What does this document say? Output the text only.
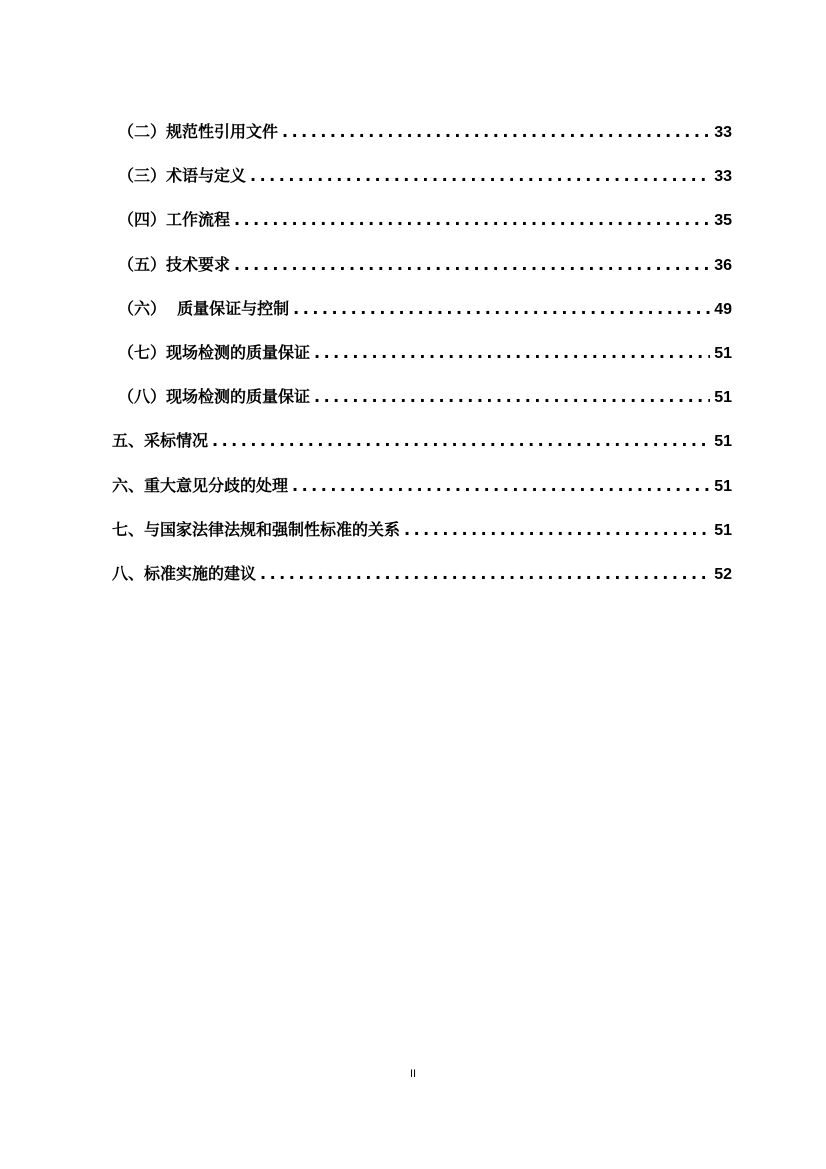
（二）规范性引用文件 .....	33
（三）术语与定义 .....	33
（四）工作流程 .....	35
（五）技术要求 .....	36
（六）  质量保证与控制 .....	49
（七）现场检测的质量保证 .....	51
（八）现场检测的质量保证 .....	51
五、采标情况 .....	51
六、重大意见分歧的处理 .....	51
七、与国家法律法规和强制性标准的关系 .....	51
八、标准实施的建议 .....	52
II
